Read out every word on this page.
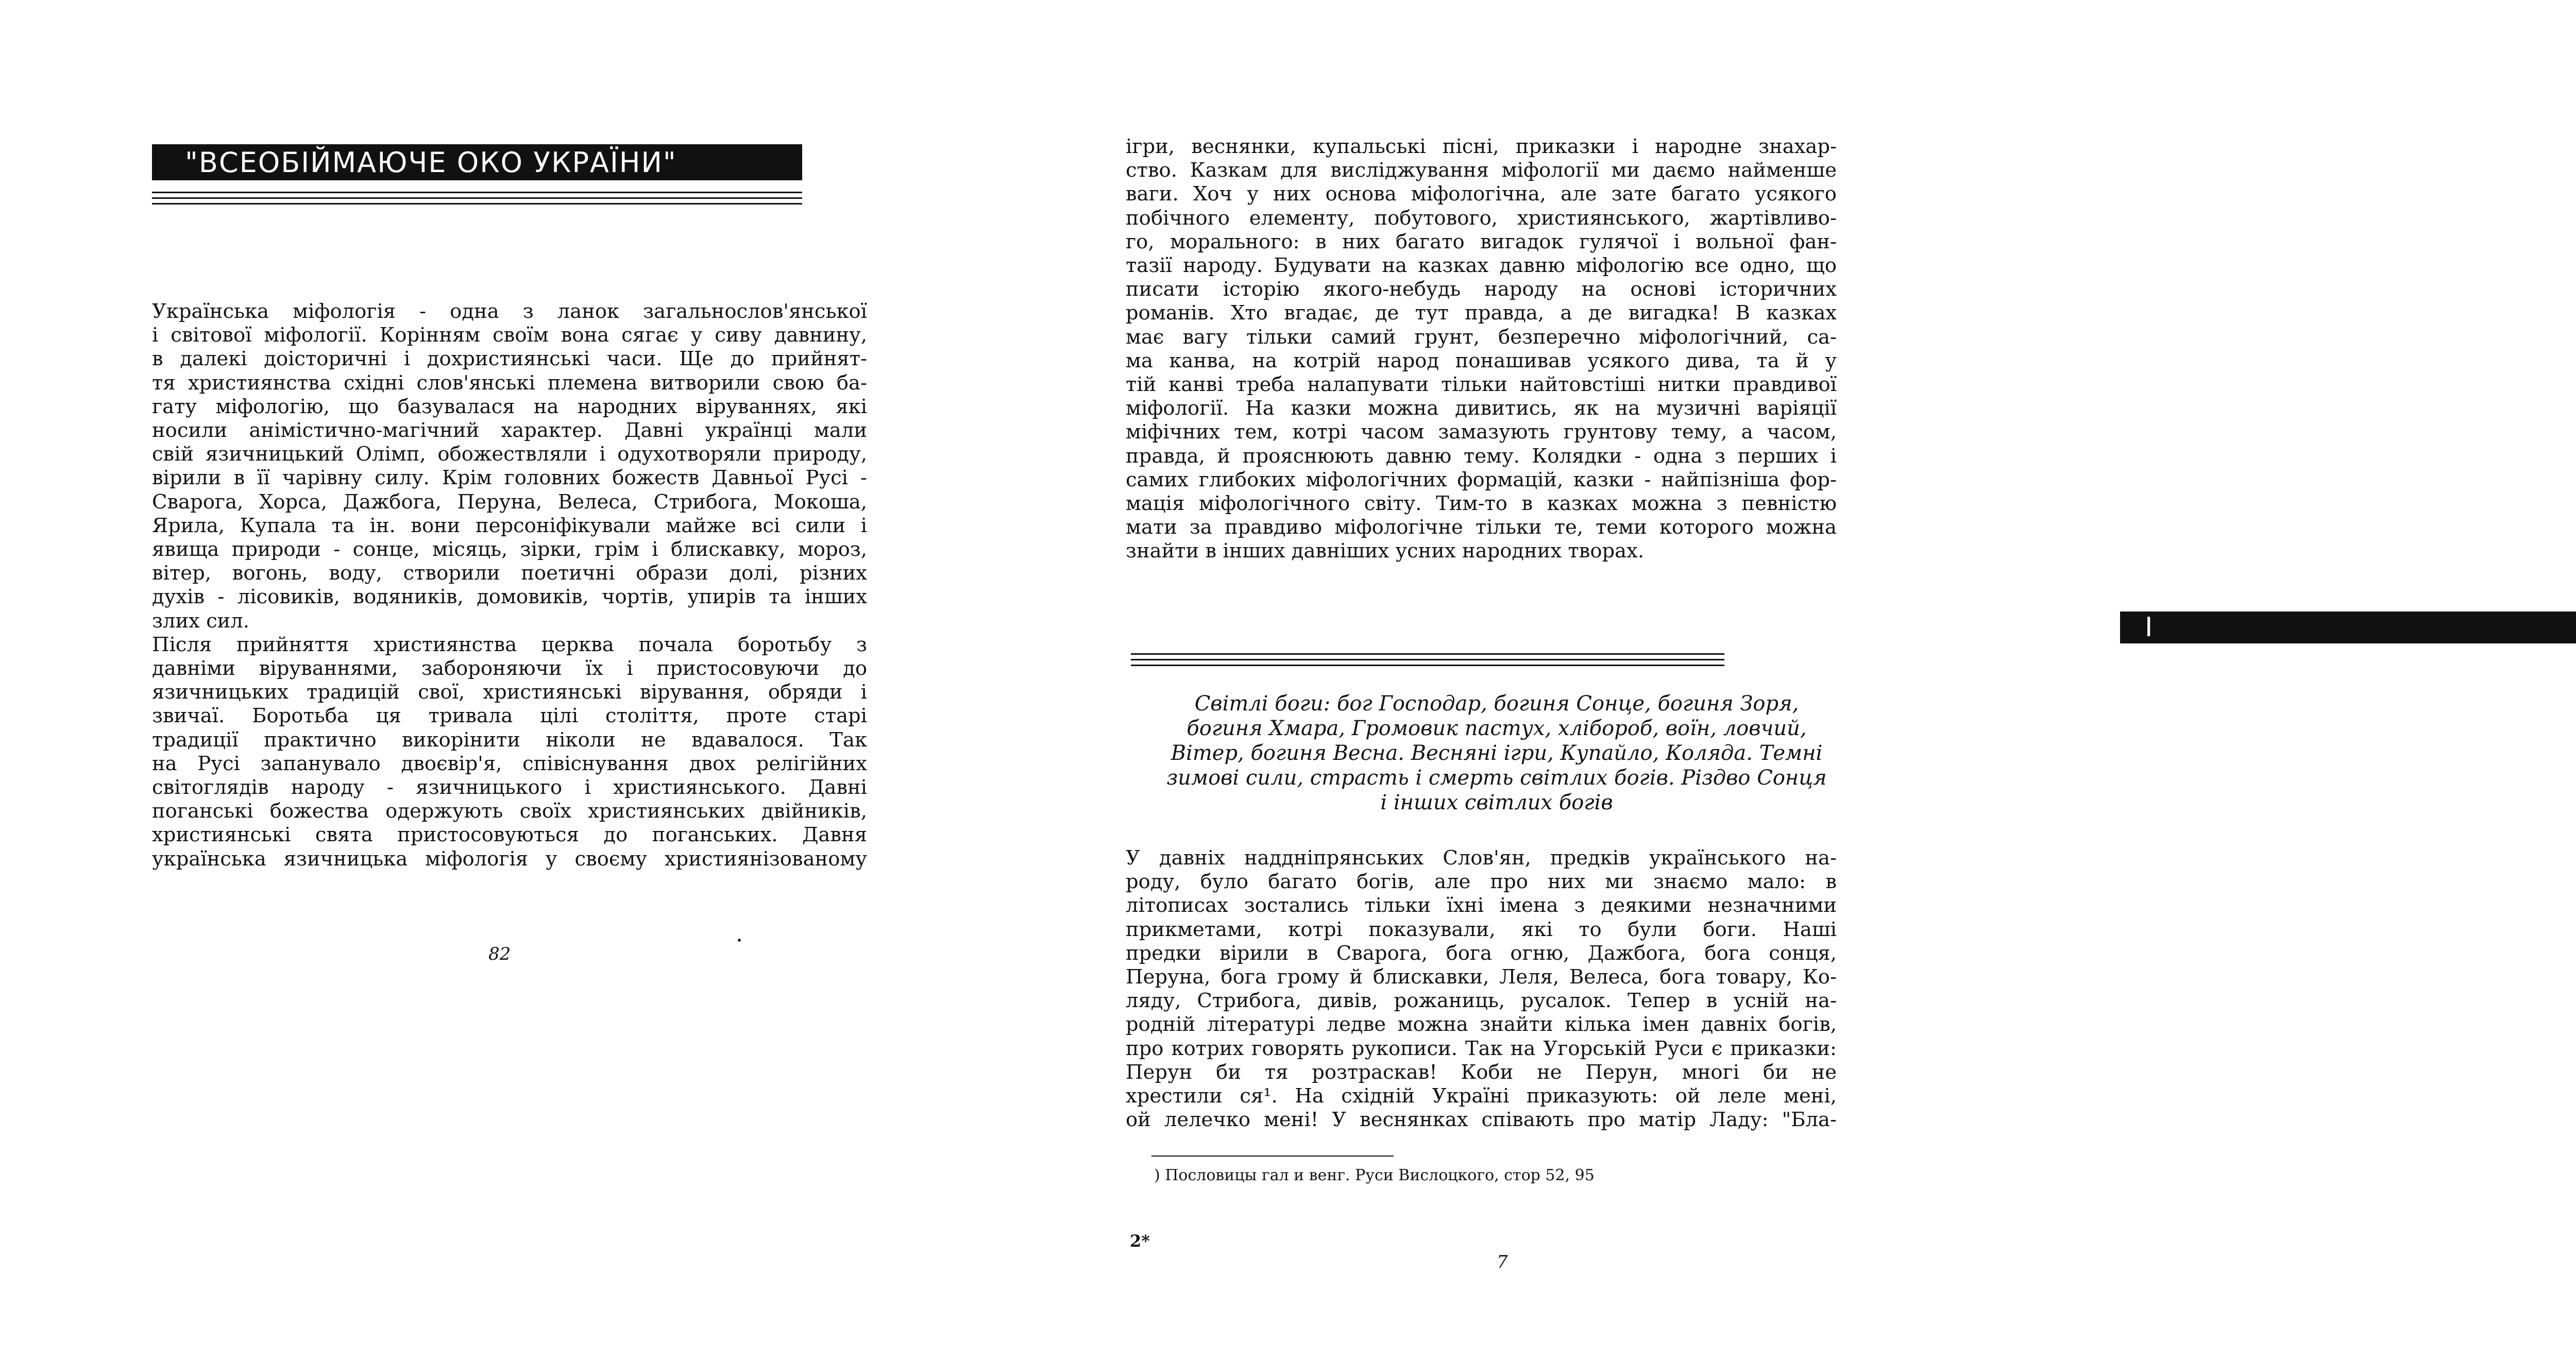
"ВСЕОБІЙМАЮЧЕ ОКО УКРАЇНИ"
Українська міфологія - одна з ланок загальнослов'янської
і світової міфології. Корінням своїм вона сягає у сиву давнину,
в далекі доісторичні і дохристиянські часи. Ще до прийнят-
тя християнства східні слов'янські племена витворили свою ба-
гату міфологію, що базувалася на народних віруваннях, які
носили анімістично-магічний характер. Давні українці мали
свій язичницький Олімп, обожествляли і одухотворяли природу,
вірили в її чарівну силу. Крім головних божеств Давньої Русі -
Сварога, Хорса, Дажбога, Перуна, Велеса, Стрибога, Мокоша,
Ярила, Купала та ін. вони персоніфікували майже всі сили і
явища природи - сонце, місяць, зірки, грім і блискавку, мороз,
вітер, вогонь, воду, створили поетичні образи долі, різних
духів - лісовиків, водяників, домовиків, чортів, упирів та інших
злих сил.
Після прийняття християнства церква почала боротьбу з
давніми віруваннями, забороняючи їх і пристосовуючи до
язичницьких традицій свої, християнські вірування, обряди і
звичаї. Боротьба ця тривала цілі століття, проте старі
традиції практично викорінити ніколи не вдавалося. Так
на Русі запанувало двоєвір'я, співіснування двох релігійних
світоглядів народу - язичницького і християнського. Давні
поганські божества одержують своїх християнських двійників,
християнські свята пристосовуються до поганських. Давня
українська язичницька міфологія у своєму християнізованому
82
ігри, веснянки, купальські пісні, приказки і народне знахар-
ство. Казкам для висліджування міфології ми даємо найменше
ваги. Хоч у них основа міфологічна, але зате багато усякого
побічного елементу, побутового, християнського, жартівливо-
го, морального: в них багато вигадок гулячої і вольної фан-
тазії народу. Будувати на казках давню міфологію все одно, що
писати історію якого-небудь народу на основі історичних
романів. Хто вгадає, де тут правда, а де вигадка! В казках
має вагу тільки самий грунт, безперечно міфологічний, са-
ма канва, на котрій народ понашивав усякого дива, та й у
тій канві треба налапувати тільки найтовстіші нитки правдивої
міфології. На казки можна дивитись, як на музичні варіяції
міфічних тем, котрі часом замазують грунтову тему, а часом,
правда, й прояснюють давню тему. Колядки - одна з перших і
самих глибоких міфологічних формацій, казки - найпізніша фор-
мація міфологічного світу. Тим-то в казках можна з певністю
мати за правдиво міфологічне тільки те, теми которого можна
знайти в інших давніших усних народних творах.
I
У давніх наддніпрянських Слов'ян, предків українського на-
роду, було багато богів, але про них ми знаємо мало: в
літописах зостались тільки їхні імена з деякими незначними
прикметами, котрі показували, які то були боги. Наші
предки вірили в Сварога, бога огню, Дажбога, бога сонця,
Перуна, бога грому й блискавки, Леля, Велеса, бога товару, Ко-
ляду, Стрибога, дивів, рожаниць, русалок. Тепер в усній на-
родній літературі ледве можна знайти кілька імен давніх богів,
про котрих говорять рукописи. Так на Угорській Руси є приказки:
Перун би тя розтраскав! Коби не Перун, многі би не
хрестили ся¹. На східній Україні приказують: ой леле мені,
ой лелечко мені! У веснянках співають про матір Ладу: "Бла-
) Пословицы гал и венг. Руси Вислоцкого, стор 52, 95
2*
7
Світлі боги: бог Господар, богиня Сонце, богиня Зоря,
богиня Хмара, Громовик пастух, хлібороб, воїн, ловчий,
Вітер, богиня Весна. Весняні ігри, Купайло, Коляда. Темні
зимові сили, страсть і смерть світлих богів. Різдво Сонця
і інших світлих богів
